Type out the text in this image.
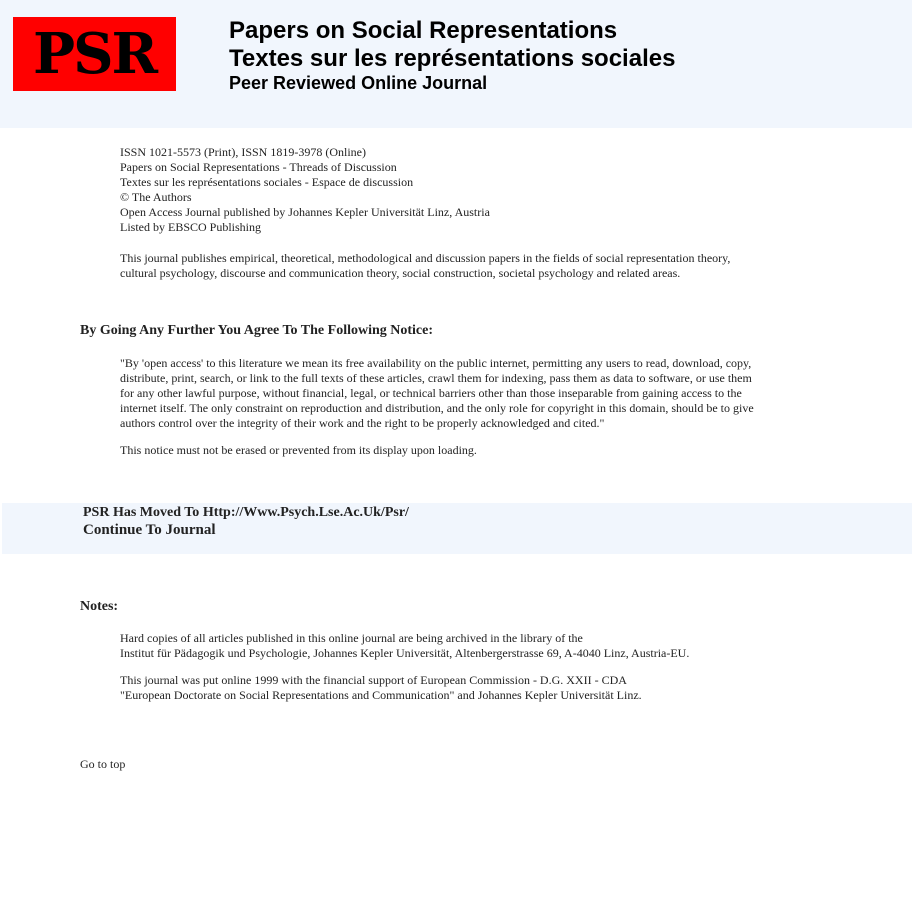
PSR	Papers on Social Representations
Textes sur les représentations sociales
Peer Reviewed Online Journal
ISSN 1021-5573 (Print), ISSN 1819-3978 (Online)
Papers on Social Representations - Threads of Discussion
Textes sur les représentations sociales - Espace de discussion
© The Authors
Open Access Journal published by Johannes Kepler Universität Linz, Austria
Listed by EBSCO Publishing
This journal publishes empirical, theoretical, methodological and discussion papers in the fields of social representation theory, cultural psychology, discourse and communication theory, social construction, societal psychology and related areas.
By Going Any Further You Agree To The Following Notice:
"By 'open access' to this literature we mean its free availability on the public internet, permitting any users to read, download, copy, distribute, print, search, or link to the full texts of these articles, crawl them for indexing, pass them as data to software, or use them for any other lawful purpose, without financial, legal, or technical barriers other than those inseparable from gaining access to the internet itself. The only constraint on reproduction and distribution, and the only role for copyright in this domain, should be to give authors control over the integrity of their work and the right to be properly acknowledged and cited."
This notice must not be erased or prevented from its display upon loading.
PSR Has Moved To Http://Www.Psych.Lse.Ac.Uk/Psr/
Continue To Journal
Notes:
Hard copies of all articles published in this online journal are being archived in the library of the
Institut für Pädagogik und Psychologie, Johannes Kepler Universität, Altenbergerstrasse 69, A-4040 Linz, Austria-EU.
This journal was put online 1999 with the financial support of European Commission - D.G. XXII - CDA
"European Doctorate on Social Representations and Communication" and Johannes Kepler Universität Linz.
Go to top
